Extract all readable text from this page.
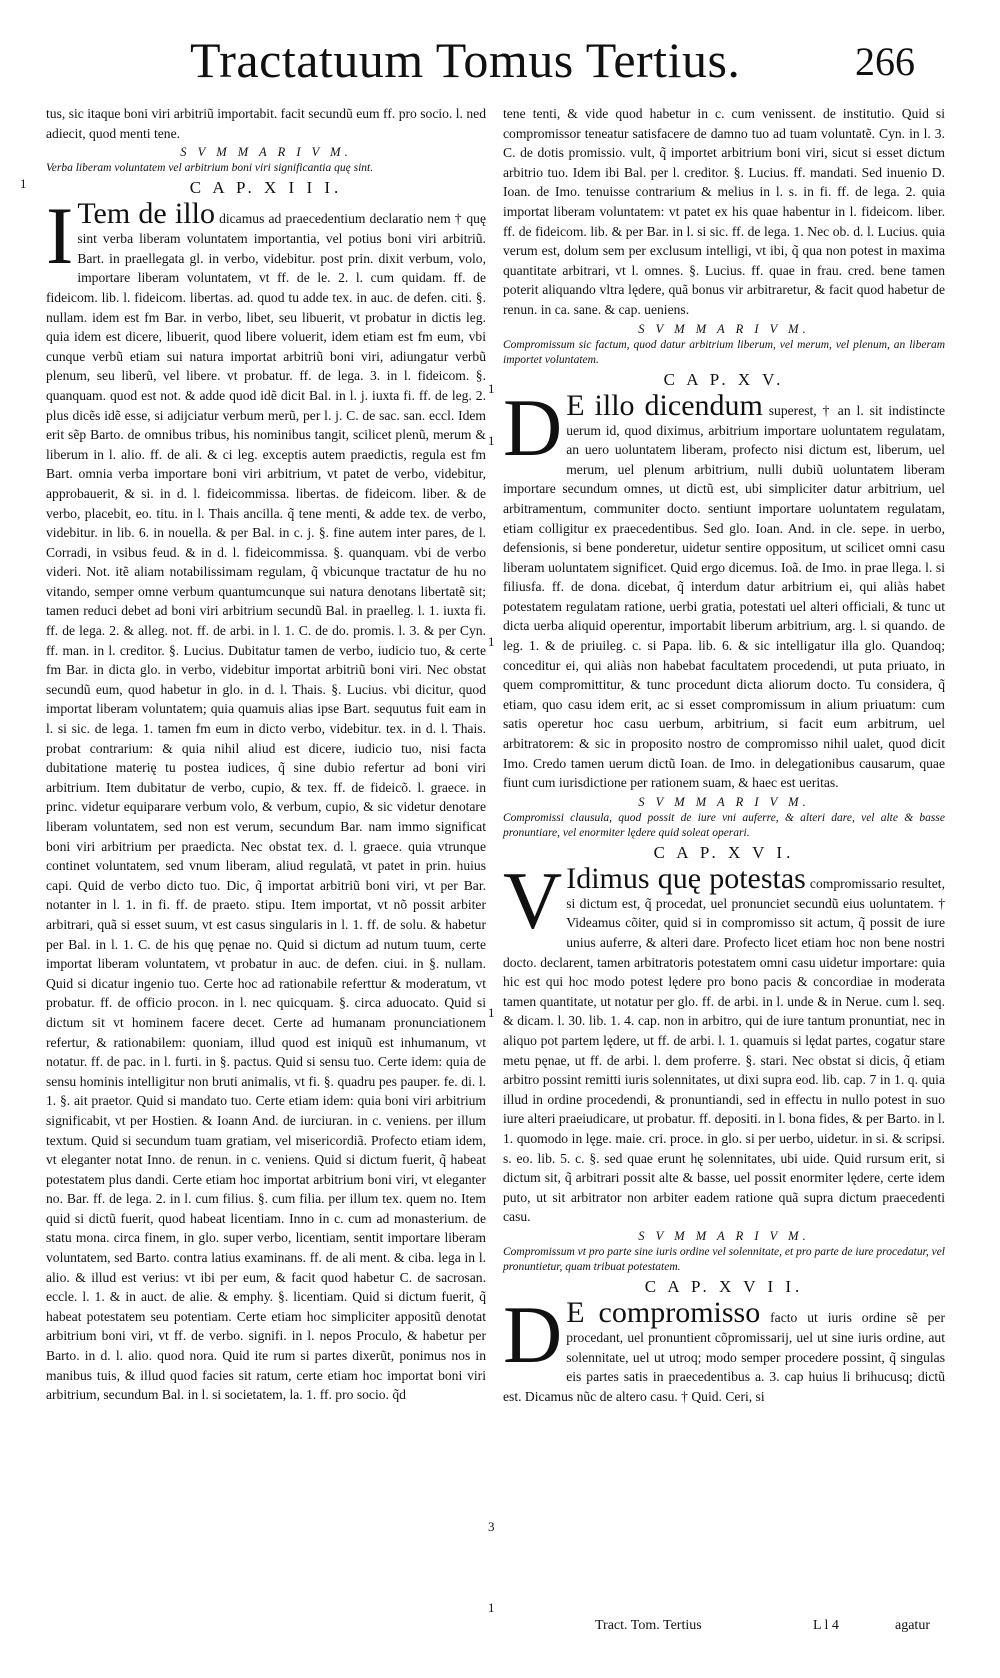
Tractatuum Tomus Tertius.	266

tus, sic itaque boni viri arbitriũ importabit. facit secundũ eum ff. pro socio. l. ned adiecit, quod menti tene.

S V M M A R I V M.
Verba liberam voluntatem vel arbitrium boni viri significantia quę sint.
C A P. X I I I.

I Tem de illo dicamus ad praecedentium declaratio nem † quę sint verba liberam voluntatem importantia, vel potius boni viri arbitriũ. Bart. in praellegata gl. in verbo, videbitur. post prin. dixit verbum, volo, importare liberam voluntatem, vt ff. de le. 2. l. cum quidam. ff. de fideicom. lib. l. fideicom. libertas. ad. quod tu adde tex. in auc. de defen. citi. §. nullam. idem est fm Bar. in verbo, libet, seu libuerit, vt probatur in dictis leg. quia idem est dicere, libuerit, quod libere voluerit, idem etiam est fm eum, vbi cunque verbũ etiam sui natura importat arbitriũ boni viri, adiungatur verbũ plenum, seu liberũ, vel libere. vt probatur. ff. de lega. 3. in l. fideicom. §. quanquam. quod est not. & adde quod idẽ dicit Bal. in l. j. iuxta fi. ff. de leg. 2. plus dicẽs idẽ esse, si adijciatur verbum merũ, per l. j. C. de sac. san. eccl. Idem erit sẽp Barto. de omnibus tribus, his nominibus tangit, scilicet plenũ, merum & liberum in l. alio. ff. de ali. & ci leg. exceptis autem praedictis, regula est fm Bart. omnia verba importare boni viri arbitrium, vt patet de verbo, videbitur, approbauerit, & si. in d. l. fideicommissa. libertas. de fideicom. liber. & de verbo, placebit, eo. titu. in l. Thais ancilla. q̃ tene menti, & adde tex. de verbo, videbitur. in lib. 6. in nouella. & per Bal. in c. j. §. fine autem inter pares, de l. Corradi, in vsibus feud. & in d. l. fideicommissa. §. quanquam. vbi de verbo videri. Not. itẽ aliam notabilissimam regulam, q̃ vbicunque tractatur de hu no vitando, semper omne verbum quantumcunque sui natura denotans libertatẽ sit; tamen reduci debet ad boni viri arbitrium secundũ Bal. in praelleg. l. 1. iuxta fi. ff. de lega. 2. & alleg. not. ff. de arbi. in l. 1. C. de do. promis. l. 3. & per Cyn. ff. man. in l. creditor. §. Lucius. Dubitatur tamen de verbo, iudicio tuo, & certe fm Bar. in dicta glo. in verbo, videbitur importat arbitriũ boni viri. Nec obstat secundũ eum, quod habetur in glo. in d. l. Thais. §. Lucius. vbi dicitur, quod importat liberam voluntatem; quia quamuis alias ipse Bart. sequutus fuit eam in l. si sic. de lega. 1. tamen fm eum in dicto verbo, videbitur. tex. in d. l. Thais. probat contrarium: & quia nihil aliud est dicere, iudicio tuo, nisi facta dubitatione materię tu postea iudices, q̃ sine dubio refertur ad boni viri arbitrium. Item dubitatur de verbo, cupio, & tex. ff. de fideicõ. l. graece. in princ. videtur equiparare verbum volo, & verbum, cupio, & sic videtur denotare liberam voluntatem, sed non est verum, secundum Bar. nam immo significat boni viri arbitrium per praedicta. Nec obstat tex. d. l. graece. quia vtrunque continet voluntatem, sed vnum liberam, aliud regulatã, vt patet in prin. huius capi. Quid de verbo dicto tuo. Dic, q̃ importat arbitriũ boni viri, vt per Bar. notanter in l. 1. in fi. ff. de praeto. stipu. Item importat, vt nõ possit arbiter arbitrari, quã si esset suum, vt est casus singularis in l. 1. ff. de solu. & habetur per Bal. in l. 1. C. de his quę pęnae no. Quid si dictum ad nutum tuum, certe importat liberam voluntatem, vt probatur in auc. de defen. ciui. in §. nullam. Quid si dicatur ingenio tuo. Certe hoc ad rationabile referttur & moderatum, vt probatur. ff. de officio procon. in l. nec quicquam. §. circa aduocato. Quid si dictum sit vt hominem facere decet. Certe ad humanam pronunciationem refertur, & rationabilem: quoniam, illud quod est iniquũ est inhumanum, vt notatur. ff. de pac. in l. furti. in §. pactus. Quid si sensu tuo. Certe idem: quia de sensu hominis intelligitur non bruti animalis, vt fi. §. quadru pes pauper. fe. di. l. 1. §. ait praetor. Quid si mandato tuo. Certe etiam idem: quia boni viri arbitrium significabit, vt per Hostien. & Ioann And. de iurciuran. in c. veniens. per illum textum. Quid si secundum tuam gratiam, vel misericordiã. Profecto etiam idem, vt eleganter notat Inno. de renun. in c. veniens. Quid si dictum fuerit, q̃ habeat potestatem plus dandi. Certe etiam hoc importat arbitrium boni viri, vt eleganter no. Bar. ff. de lega. 2. in l. cum filius. §. cum filia. per illum tex. quem no. Item quid si dictũ fuerit, quod habeat licentiam. Inno in c. cum ad monasterium. de statu mona. circa finem, in glo. super verbo, licentiam, sentit importare liberam voluntatem, sed Barto. contra latius examinans. ff. de ali ment. & ciba. lega in l. alio. & illud est verius: vt ibi per eum, & facit quod habetur C. de sacrosan. eccle. l. 1. & in auct. de alie. & emphy. §. licentiam. Quid si dictum fuerit, q̃ habeat potestatem seu potentiam. Certe etiam hoc simpliciter appositũ denotat arbitrium boni viri, vt ff. de verbo. signifi. in l. nepos Proculo, & habetur per Barto. in d. l. alio. quod nora. Quid ite rum si partes dixerũt, ponimus nos in manibus tuis, & illud quod facies sit ratum, certe etiam hoc importat boni viri arbitrium, secundum Bal. in l. si societatem, la. 1. ff. pro socio. q̃d

tene tenti, & vide quod habetur in c. cum venissent. de institutio. Quid si compromissor teneatur satisfacere de damno tuo ad tuam voluntatẽ. Cyn. in l. 3. C. de dotis promissio. vult, q̃ importet arbitrium boni viri, sicut si esset dictum arbitrio tuo. Idem ibi Bal. per l. creditor. §. Lucius. ff. mandati. Sed inuenio D. Ioan. de Imo. tenuisse contrarium & melius in l. s. in fi. ff. de lega. 2. quia importat liberam voluntatem: vt patet ex his quae habentur in l. fideicom. liber. ff. de fideicom. lib. & per Bar. in l. si sic. ff. de lega. 1. Nec ob. d. l. Lucius. quia verum est, dolum sem per exclusum intelligi, vt ibi, q̃ qua non potest in maxima quantitate arbitrari, vt l. omnes. §. Lucius. ff. quae in frau. cred. bene tamen poterit aliquando vltra lędere, quã bonus vir arbitraretur, & facit quod habetur de renun. in ca. sane. & cap. ueniens.

S V M M A R I V M.
Compromissum sic factum, quod datur arbitrium liberum, vel merum, vel plenum, an liberam importet voluntatem.
C A P. X V.

D E illo dicendum superest, † an l. sit indistincte uerum id, quod diximus, arbitrium importare uoluntatem regulatam, an uero uoluntatem liberam, profecto nisi dictum est, liberum, uel merum, uel plenum arbitrium, nulli dubiũ uoluntatem liberam importare secundum omnes, ut dictũ est, ubi simpliciter datur arbitrium, uel arbitramentum, communiter docto. sentiunt importare uoluntatem regulatam, etiam colligitur ex praecedentibus. Sed glo. Ioan. And. in cle. sepe. in uerbo, defensionis, si bene ponderetur, uidetur sentire oppositum, ut scilicet omni casu liberam uoluntatem significet. Quid ergo dicemus. Ioã. de Imo. in prae llega. l. si filiusfa. ff. de dona. dicebat, q̃ interdum datur arbitrium ei, qui aliàs habet potestatem regulatam ratione, uerbi gratia, potestati uel alteri officiali, & tunc ut dicta uerba aliquid operentur, importabit liberum arbitrium, arg. l. si quando. de leg. 1. & de priuileg. c. si Papa. lib. 6. & sic intelligatur illa glo. Quandoq; conceditur ei, qui aliàs non habebat facultatem procedendi, ut puta priuato, in quem compromittitur, & tunc procedunt dicta aliorum docto. Tu considera, q̃ etiam, quo casu idem erit, ac si esset compromissum in alium priuatum: cum satis operetur hoc casu uerbum, arbitrium, si facit eum arbitrum, uel arbitratorem: & sic in proposito nostro de compromisso nihil ualet, quod dicit Imo. Credo tamen uerum dictũ Ioan. de Imo. in delegationibus causarum, quae fiunt cum iurisdictione per rationem suam, & haec est ueritas.

S V M M A R I V M.
Compromissi clausula, quod possit de iure vni auferre, & alteri dare, vel alte & basse pronuntiare, vel enormiter lędere quid soleat operari.
C A P. X V I.

V Idimus quę potestas compromissario resultet, si dictum est, q̃ procedat, uel pronunciet secundũ eius uoluntatem. † Videamus cõiter, quid si in compromisso sit actum, q̃ possit de iure unius auferre, & alteri dare. Profecto licet etiam hoc non bene nostri docto. declarent, tamen arbitratoris potestatem omni casu uidetur importare: quia hic est qui hoc modo potest lędere pro bono pacis & concordiae in moderata tamen quantitate, ut notatur per glo. ff. de arbi. in l. unde & in Nerue. cum l. seq. & dicam. l. 30. lib. 1. 4. cap. non in arbitro, qui de iure tantum pronuntiat, nec in aliquo pot partem lędere, ut ff. de arbi. l. 1. quamuis si lędat partes, cogatur stare metu pęnae, ut ff. de arbi. l. dem proferre. §. stari. Nec obstat si dicis, q̃ etiam arbitro possint remitti iuris solennitates, ut dixi supra eod. lib. cap. 7 in 1. q. quia illud in ordine procedendi, & pronuntiandi, sed in effectu in nullo potest in suo iure alteri praeiudicare, ut probatur. ff. depositi. in l. bona fides, & per Barto. in l. 1. quomodo in lęge. maie. cri. proce. in glo. si per uerbo, uidetur. in si. & scripsi. s. eo. lib. 5. c. §. sed quae erunt hę solennitates, ubi uide. Quid rursum erit, si dictum sit, q̃ arbitrari possit alte & basse, uel possit enormiter lędere, certe idem puto, ut sit arbitrator non arbiter eadem ratione quã supra dictum praecedenti casu.

S V M M A R I V M.
Compromissum vt pro parte sine iuris ordine vel solennitate, et pro parte de iure procedatur, vel pronuntietur, quam tribuat potestatem.
C A P. X V I I.

D E compromisso facto ut iuris ordine sẽ per procedant, uel pronuntient cõpromissarij, uel ut sine iuris ordine, aut solennitate, uel ut utroq; modo semper procedere possint, q̃ singulas eis partes satis in praecedentibus a. 3. cap huius li brihucusq; dictũ est. Dicamus nũc de altero casu. † Quid. Ceri, si

1
1
1
1
1
1
3
Tract. Tom. Tertius	L l 4	agatur
